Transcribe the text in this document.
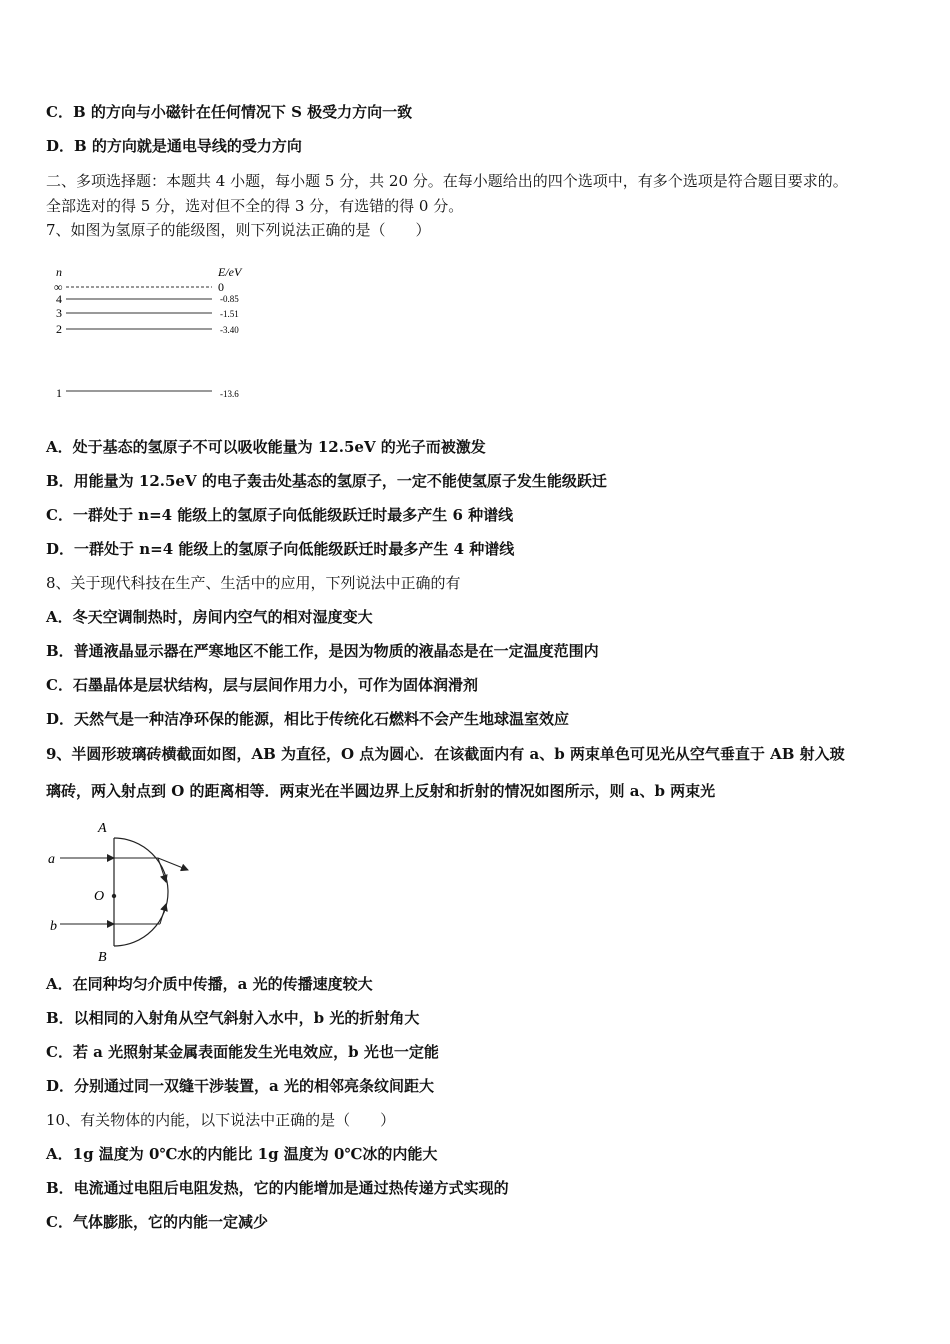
C．B 的方向与小磁针在任何情况下 S 极受力方向一致
D．B 的方向就是通电导线的受力方向
二、多项选择题：本题共 4 小题，每小题 5 分，共 20 分。在每小题给出的四个选项中，有多个选项是符合题目要求的。
全部选对的得 5 分，选对但不全的得 3 分，有选错的得 0 分。
7、如图为氢原子的能级图，则下列说法正确的是（　　）
n	E/eV
∞	0
4	-0.85
3	-1.51
2	-3.40
1	-13.6
A．处于基态的氢原子不可以吸收能量为 12.5eV 的光子而被激发
B．用能量为 12.5eV 的电子轰击处基态的氢原子，一定不能使氢原子发生能级跃迁
C．一群处于 n=4 能级上的氢原子向低能级跃迁时最多产生 6 种谱线
D．一群处于 n=4 能级上的氢原子向低能级跃迁时最多产生 4 种谱线
8、关于现代科技在生产、生活中的应用，下列说法中正确的有
A．冬天空调制热时，房间内空气的相对湿度变大
B．普通液晶显示器在严寒地区不能工作，是因为物质的液晶态是在一定温度范围内
C．石墨晶体是层状结构，层与层间作用力小，可作为固体润滑剂
D．天然气是一种洁净环保的能源，相比于传统化石燃料不会产生地球温室效应
9、半圆形玻璃砖横截面如图，AB 为直径，O 点为圆心．在该截面内有 a、b 两束单色可见光从空气垂直于 AB 射入玻
璃砖，两入射点到 O 的距离相等．两束光在半圆边界上反射和折射的情况如图所示，则 a、b 两束光
A
B
O
a
b
A．在同种均匀介质中传播，a 光的传播速度较大
B．以相同的入射角从空气斜射入水中，b 光的折射角大
C．若 a 光照射某金属表面能发生光电效应，b 光也一定能
D．分别通过同一双缝干涉装置，a 光的相邻亮条纹间距大
10、有关物体的内能，以下说法中正确的是（　　）
A．1g 温度为 0℃水的内能比 1g 温度为 0℃冰的内能大
B．电流通过电阻后电阻发热，它的内能增加是通过热传递方式实现的
C．气体膨胀，它的内能一定减少
